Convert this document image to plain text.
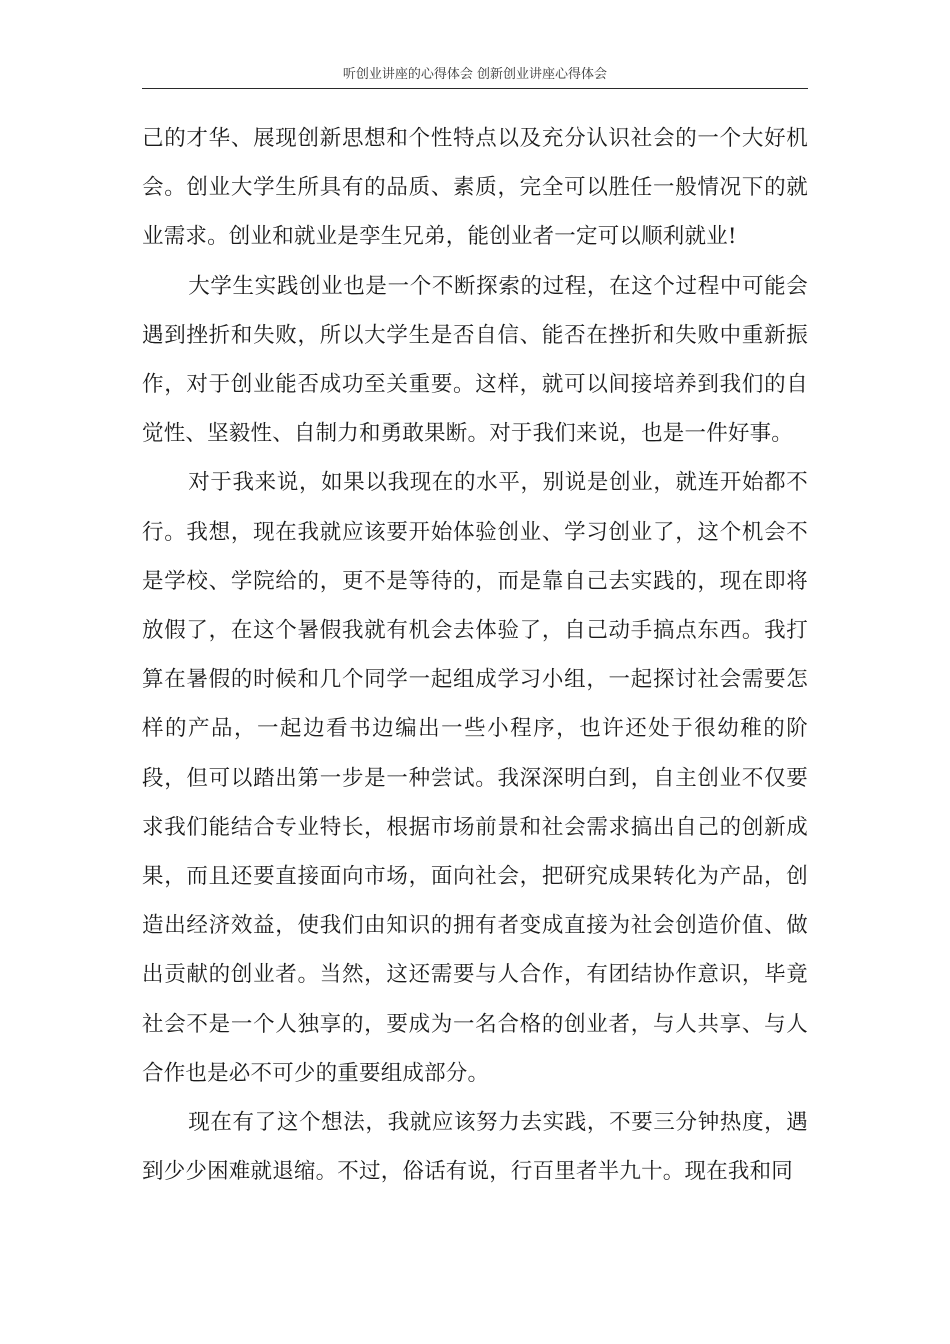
听创业讲座的心得体会 创新创业讲座心得体会

己的才华、展现创新思想和个性特点以及充分认识社会的一个大好机会。创业大学生所具有的品质、素质，完全可以胜任一般情况下的就业需求。创业和就业是孪生兄弟，能创业者一定可以顺利就业!

大学生实践创业也是一个不断探索的过程，在这个过程中可能会遇到挫折和失败，所以大学生是否自信、能否在挫折和失败中重新振作，对于创业能否成功至关重要。这样，就可以间接培养到我们的自觉性、坚毅性、自制力和勇敢果断。对于我们来说，也是一件好事。

对于我来说，如果以我现在的水平，别说是创业，就连开始都不行。我想，现在我就应该要开始体验创业、学习创业了，这个机会不是学校、学院给的，更不是等待的，而是靠自己去实践的，现在即将放假了，在这个暑假我就有机会去体验了，自己动手搞点东西。我打算在暑假的时候和几个同学一起组成学习小组，一起探讨社会需要怎样的产品，一起边看书边编出一些小程序，也许还处于很幼稚的阶段，但可以踏出第一步是一种尝试。我深深明白到，自主创业不仅要求我们能结合专业特长，根据市场前景和社会需求搞出自己的创新成果，而且还要直接面向市场，面向社会，把研究成果转化为产品，创造出经济效益，使我们由知识的拥有者变成直接为社会创造价值、做出贡献的创业者。当然，这还需要与人合作，有团结协作意识，毕竟社会不是一个人独享的，要成为一名合格的创业者，与人共享、与人合作也是必不可少的重要组成部分。

现在有了这个想法，我就应该努力去实践，不要三分钟热度，遇到少少困难就退缩。不过，俗话有说，行百里者半九十。现在我和同
